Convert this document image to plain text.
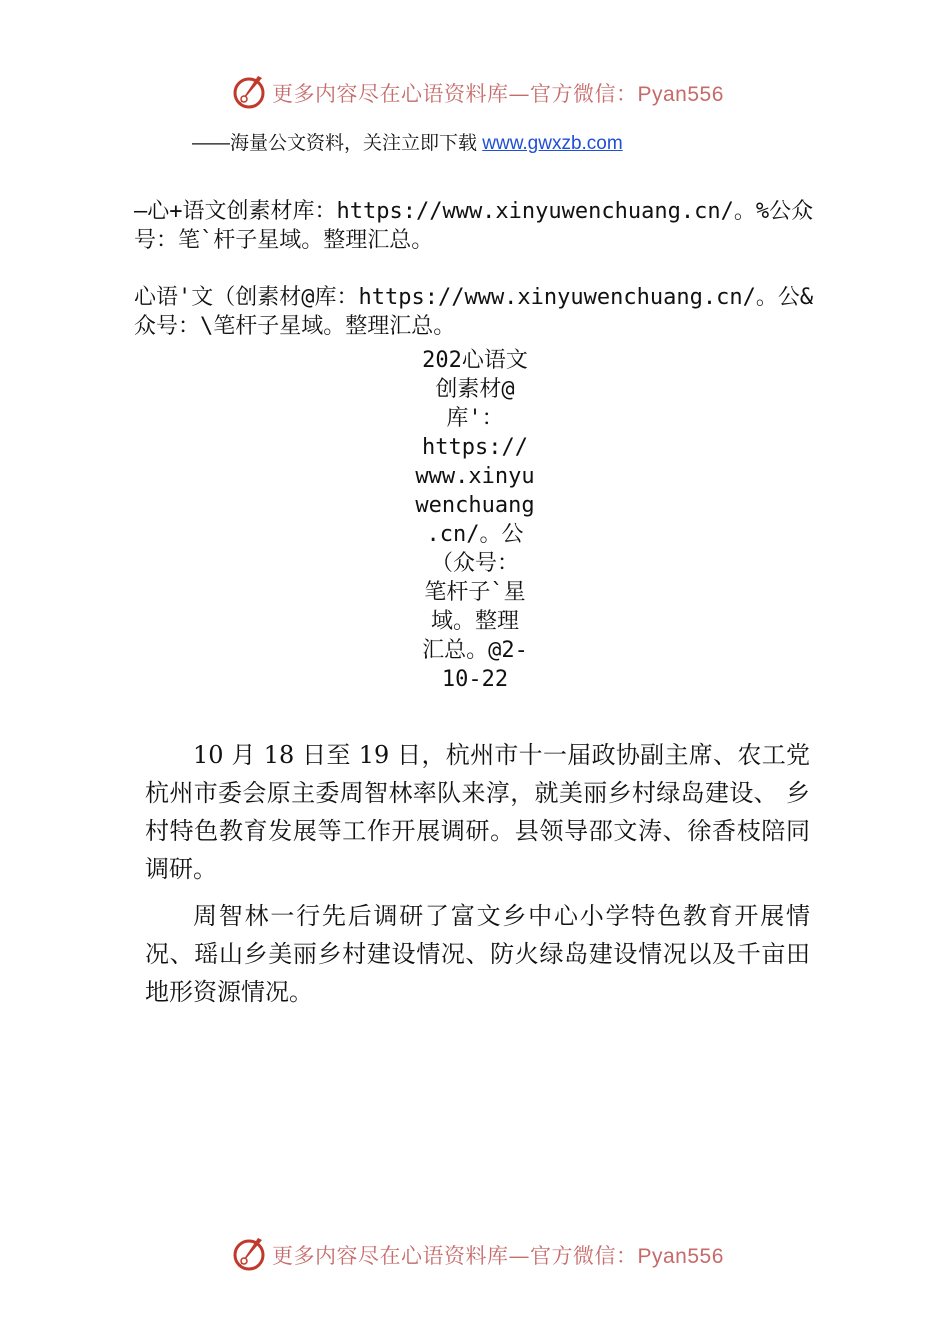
更多内容尽在心语资料库—官方微信：Pyan556
——海量公文资料，关注立即下载 www.gwxzb.com
—心+语文创素材库：https://www.xinyuwenchuang.cn/。%公众号：笔`杆子星域。整理汇总。
心语'文（创素材@库：https://www.xinyuwenchuang.cn/。公&众号：\笔杆子星域。整理汇总。
202心语文
创素材@
库'：
https://
www.xinyu
wenchuang
.cn/。公
（众号：
笔杆子`星
域。整理
汇总。@2-
10-22
10 月 18 日至 19 日，杭州市十一届政协副主席、农工党杭州市委会原主委周智林率队来淳，就美丽乡村绿岛建设、 乡村特色教育发展等工作开展调研。县领导邵文涛、徐香枝陪同调研。
周智林一行先后调研了富文乡中心小学特色教育开展情况、瑶山乡美丽乡村建设情况、防火绿岛建设情况以及千亩田地形资源情况。
更多内容尽在心语资料库—官方微信：Pyan556
